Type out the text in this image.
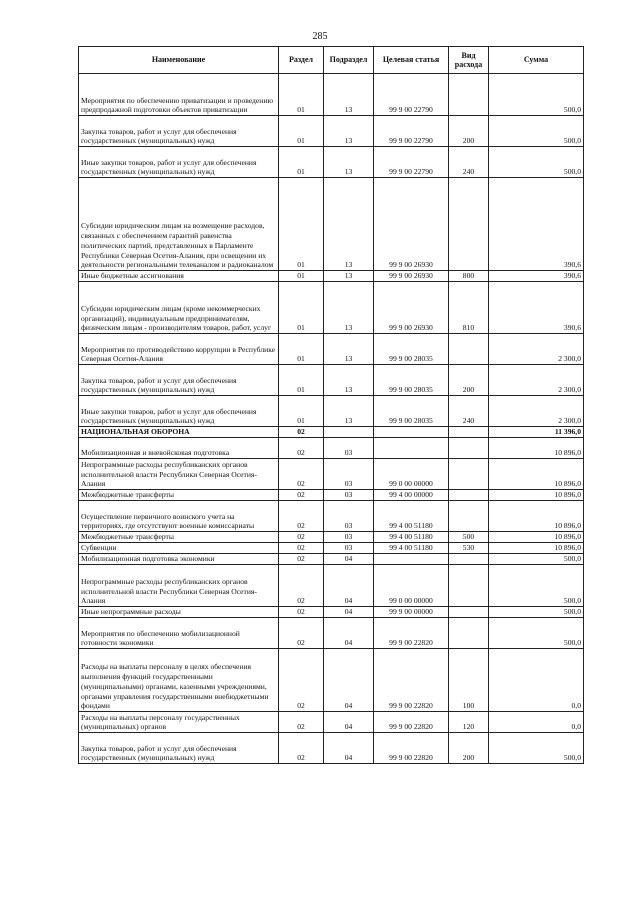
285
Наименование	Раздел	Подраздел	Целевая статья	Вид расхода	Сумма
Мероприятия по обеспечению приватизации и проведению предпродажной подготовки объектов приватизации	01	13	99 9 00 22790		500,0
Закупка товаров, работ и услуг для обеспечения государственных (муниципальных) нужд	01	13	99 9 00 22790	200	500,0
Иные закупки товаров, работ и услуг для обеспечения государственных (муниципальных) нужд	01	13	99 9 00 22790	240	500,0
Субсидии юридическим лицам на возмещение расходов, связанных с обеспечением гарантий равенства политических партий, представленных в Парламенте Республики Северная Осетия-Алания, при освещении их деятельности региональными телеканалом и радиоканалом	01	13	99 9 00 26930		390,6
Иные бюджетные ассигнования	01	13	99 9 00 26930	800	390,6
Субсидии юридическим лицам (кроме некоммерческих организаций), индивидуальным предпринимателям, физическим лицам - производителям товаров, работ, услуг	01	13	99 9 00 26930	810	390,6
Мероприятия по противодействию коррупции в Республике Северная Осетия-Алания	01	13	99 9 00 28035		2 300,0
Закупка товаров, работ и услуг для обеспечения государственных (муниципальных) нужд	01	13	99 9 00 28035	200	2 300,0
Иные закупки товаров, работ и услуг для обеспечения государственных (муниципальных) нужд	01	13	99 9 00 28035	240	2 300,0
НАЦИОНАЛЬНАЯ ОБОРОНА	02				11 396,0
Мобилизационная и вневойсковая подготовка	02	03			10 896,0
Непрограммные расходы республиканских органов исполнительной власти Республики Северная Осетия-Алания	02	03	99 0 00 00000		10 896,0
Межбюджетные трансферты	02	03	99 4 00 00000		10 896,0
Осуществление первичного воинского учета на территориях, где отсутствуют военные комиссариаты	02	03	99 4 00 51180		10 896,0
Межбюджетные трансферты	02	03	99 4 00 51180	500	10 896,0
Субвенции	02	03	99 4 00 51180	530	10 896,0
Мобилизационная подготовка экономики	02	04			500,0
Непрограммные расходы республиканских органов исполнительной власти Республики Северная Осетия-Алания	02	04	99 0 00 00000		500,0
Иные непрограммные расходы	02	04	99 9 00 00000		500,0
Мероприятия по обеспечению мобилизационной готовности экономики	02	04	99 9 00 22820		500,0
Расходы на выплаты персоналу в целях обеспечения выполнения функций государственными (муниципальными) органами, казенными учреждениями, органами управления государственными внебюджетными фондами	02	04	99 9 00 22820	100	0,0
Расходы на выплаты персоналу государственных (муниципальных) органов	02	04	99 9 00 22820	120	0,0
Закупка товаров, работ и услуг для обеспечения государственных (муниципальных) нужд	02	04	99 9 00 22820	200	500,0
